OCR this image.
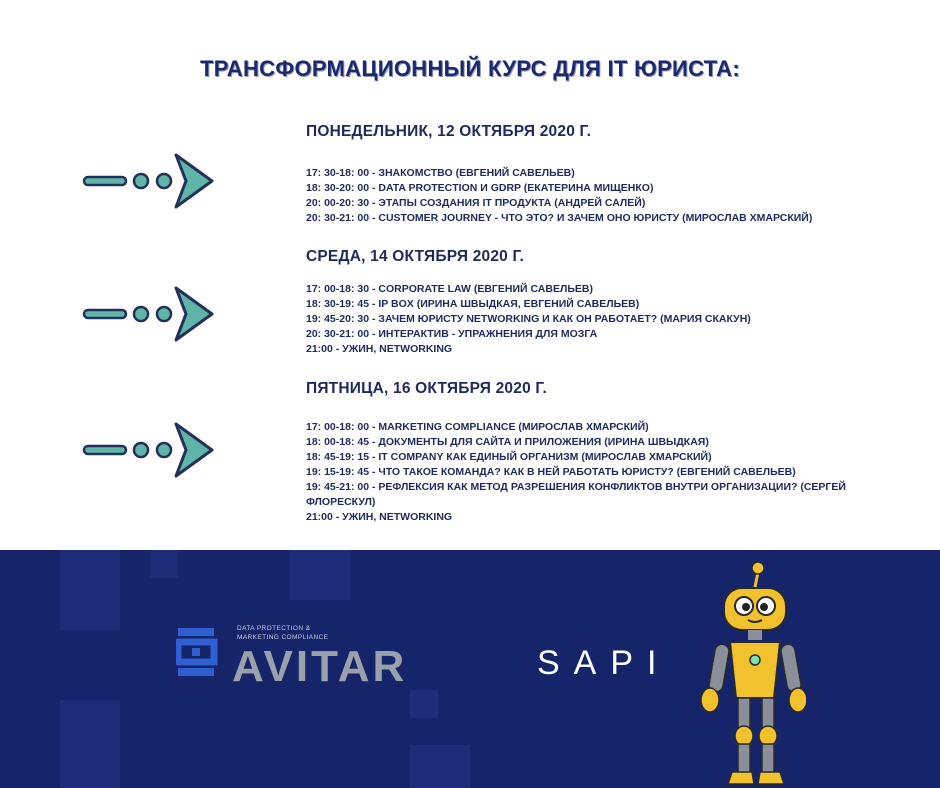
ТРАНСФОРМАЦИОННЫЙ КУРС ДЛЯ IT ЮРИСТА:
ПОНЕДЕЛЬНИК, 12 ОКТЯБРЯ 2020 Г.
17: 30-18: 00 - ЗНАКОМСТВО (ЕВГЕНИЙ САВЕЛЬЕВ)
18: 30-20: 00 - DATA PROTECTION И GDRP (ЕКАТЕРИНА МИЩЕНКО)
20: 00-20: 30 - ЭТАПЫ СОЗДАНИЯ IT ПРОДУКТА (АНДРЕЙ САЛЕЙ)
20: 30-21: 00 - CUSTOMER JOURNEY - ЧТО ЭТО? И ЗАЧЕМ ОНО ЮРИСТУ (МИРОСЛАВ ХМАРСКИЙ)
СРЕДА, 14 ОКТЯБРЯ 2020 Г.
17: 00-18: 30 - CORPORATE LAW (ЕВГЕНИЙ САВЕЛЬЕВ)
18: 30-19: 45 - IP BOX (ИРИНА ШВЫДКАЯ, ЕВГЕНИЙ САВЕЛЬЕВ)
19: 45-20: 30 - ЗАЧЕМ ЮРИСТУ NETWORKING И КАК ОН РАБОТАЕТ? (МАРИЯ СКАКУН)
20: 30-21: 00 - ИНТЕРАКТИВ - УПРАЖНЕНИЯ ДЛЯ МОЗГА
21:00 - УЖИН, NETWORKING
ПЯТНИЦА, 16 ОКТЯБРЯ 2020 Г.
17: 00-18: 00 - MARKETING COMPLIANCE (МИРОСЛАВ ХМАРСКИЙ)
18: 00-18: 45 - ДОКУМЕНТЫ ДЛЯ САЙТА И ПРИЛОЖЕНИЯ (ИРИНА ШВЫДКАЯ)
18: 45-19: 15 - IT COMPANY КАК ЕДИНЫЙ ОРГАНИЗМ (МИРОСЛАВ ХМАРСКИЙ)
19: 15-19: 45 - ЧТО ТАКОЕ КОМАНДА? КАК В НЕЙ РАБОТАТЬ ЮРИСТУ? (ЕВГЕНИЙ САВЕЛЬЕВ)
19: 45-21: 00 - РЕФЛЕКСИЯ КАК МЕТОД РАЗРЕШЕНИЯ КОНФЛИКТОВ ВНУТРИ ОРГАНИЗАЦИИ? (СЕРГЕЙ ФЛОРЕСКУЛ)
21:00 - УЖИН, NETWORKING
DATA PROTECTION &
MARKETING COMPLIANCE
AVITAR	SAPI
